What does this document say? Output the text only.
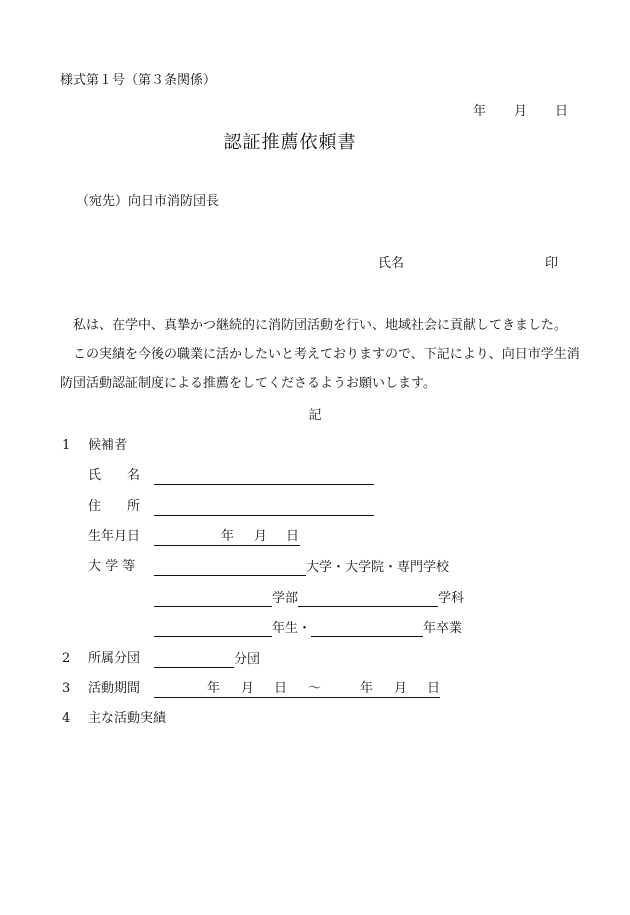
様式第１号（第３条関係）
年 月 日
認証推薦依頼書
（宛先）向日市消防団長
氏名	印
私は、在学中、真摯かつ継続的に消防団活動を行い、地域社会に貢献してきました。
この実績を今後の職業に活かしたいと考えておりますので、下記により、向日市学生消防団活動認証制度による推薦をしてくださるようお願いします。
記
1 候補者
氏 名
住 所
生年月日	年 月 日
大 学 等	大学・大学院・専門学校
学部	学科
年生・	年卒業
2 所属分団	分団
3 活動期間	年 月 日 ～	年 月 日
4 主な活動実績
